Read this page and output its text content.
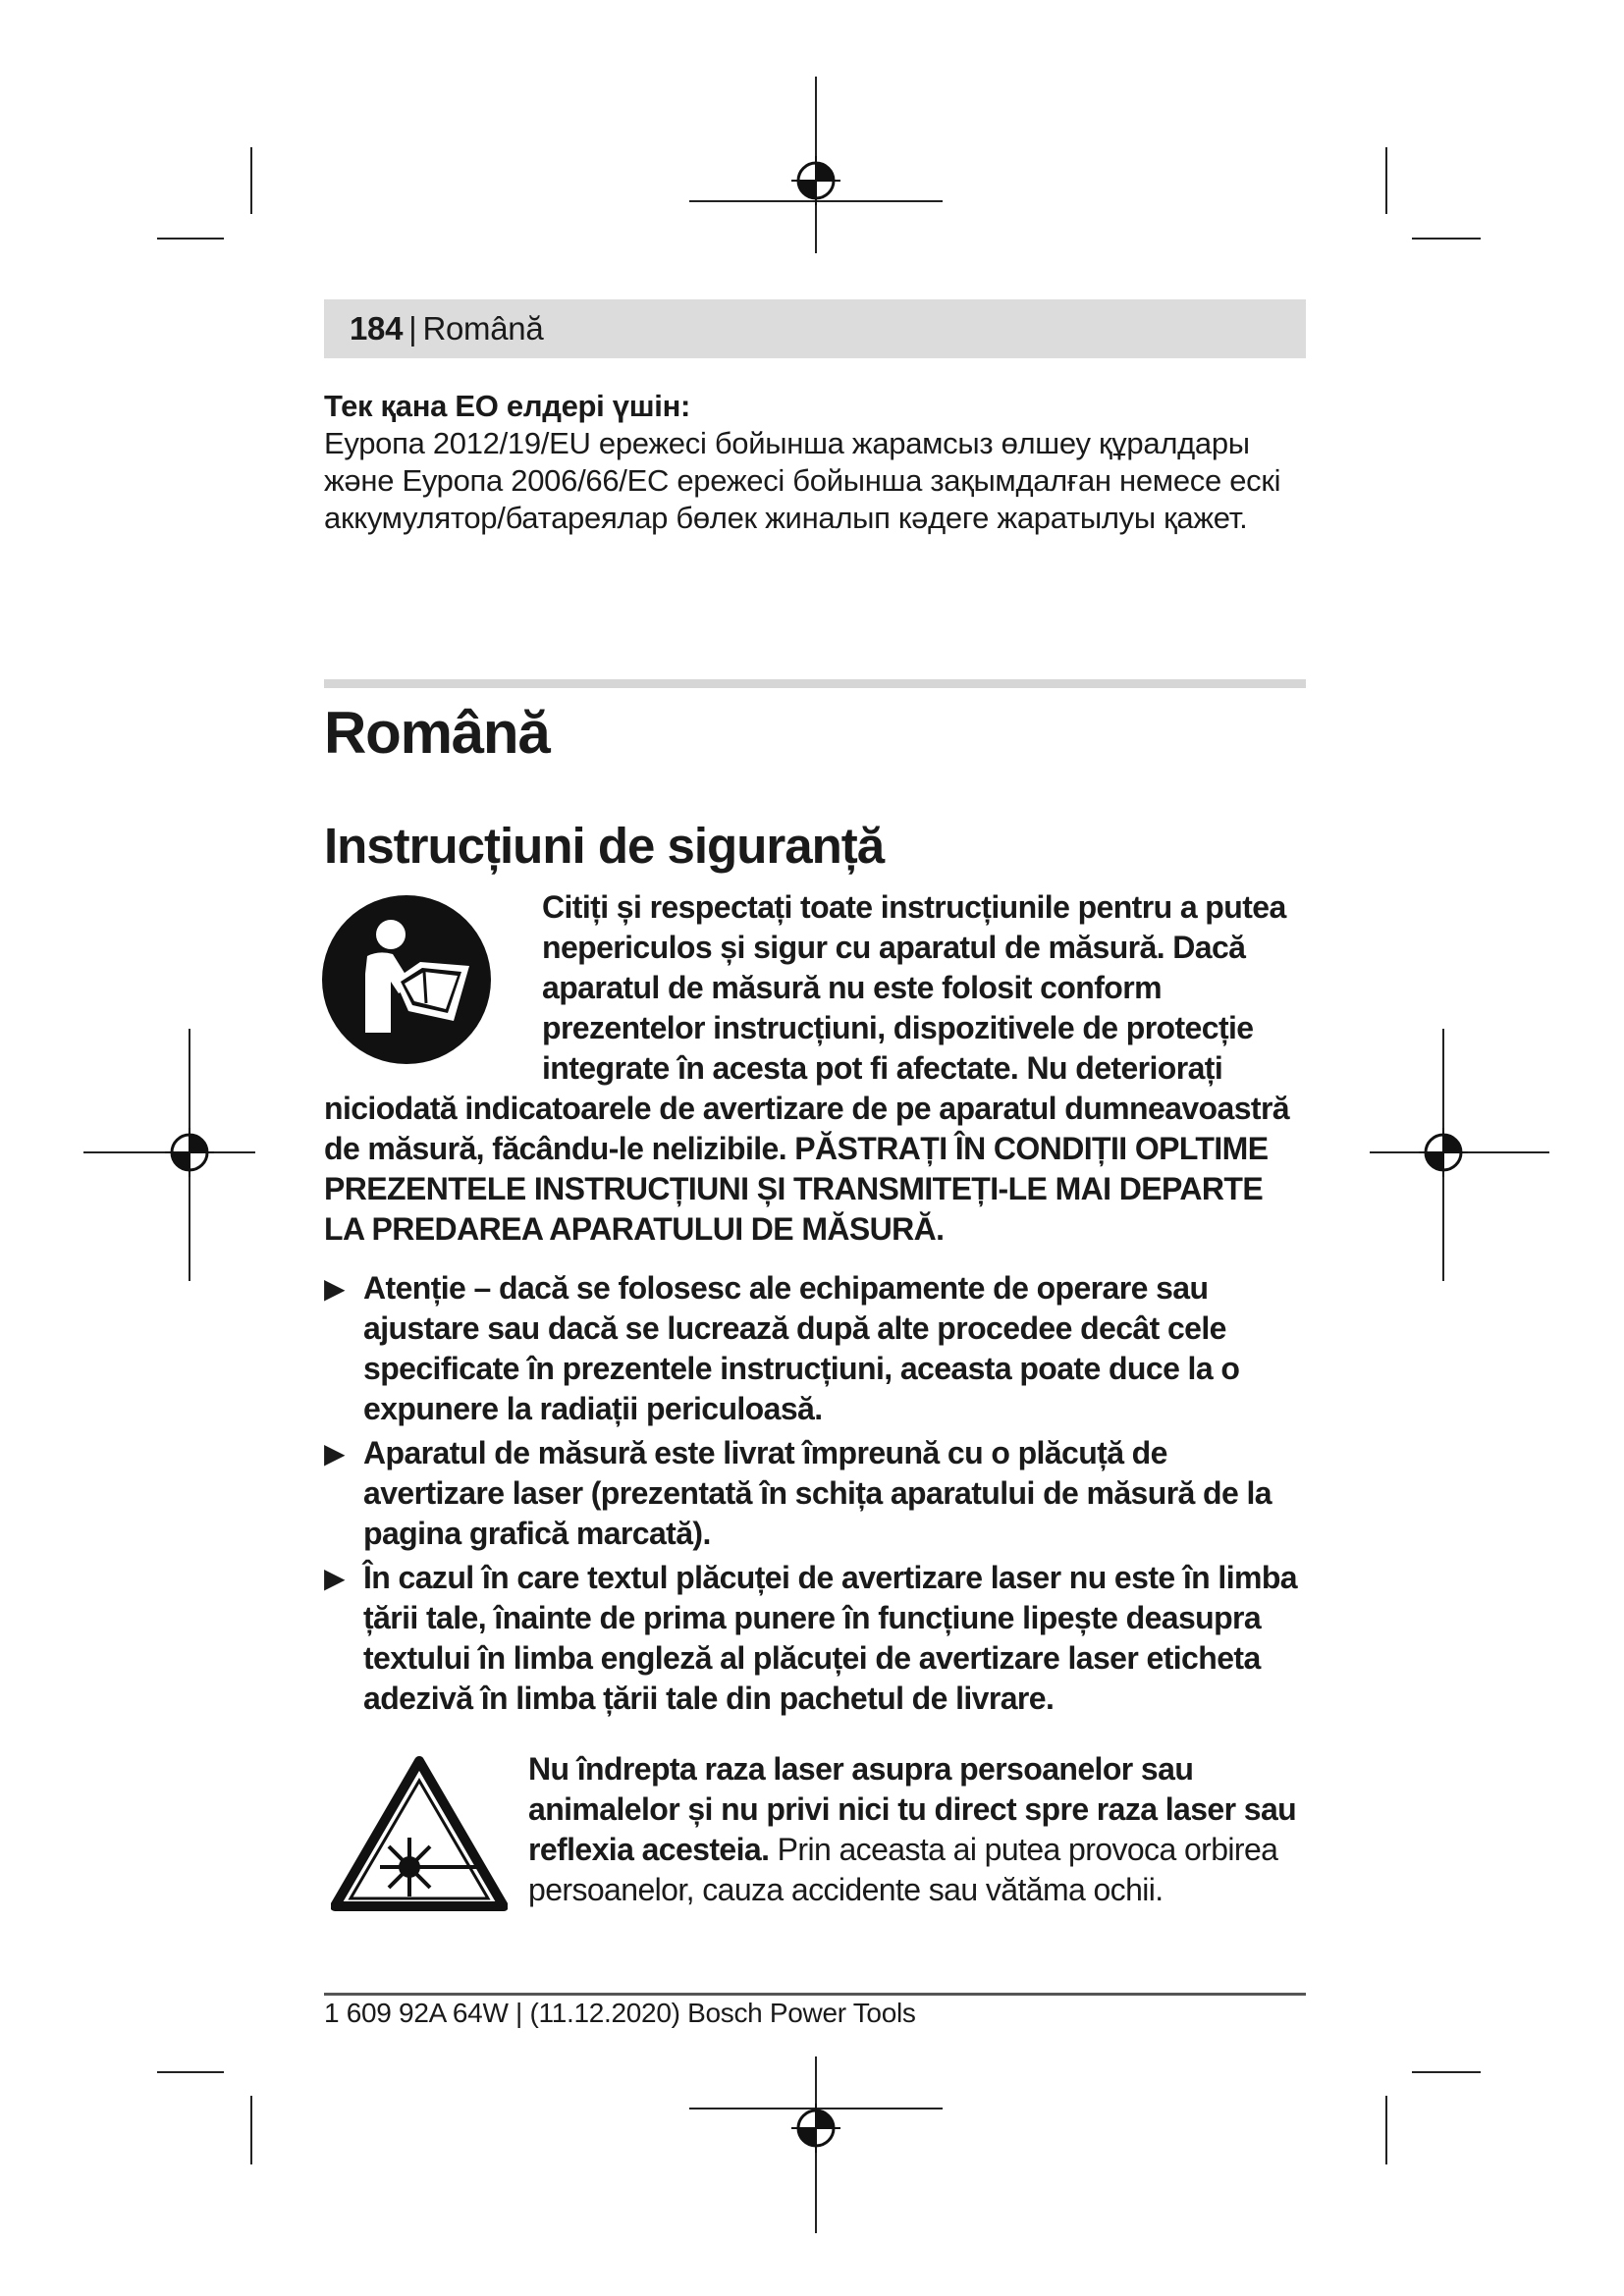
184 | Română
Тек қана ЕО елдері үшін:
Еуропа 2012/19/EU ережесі бойынша жарамсыз өлшеу құралдары және Еуропа 2006/66/EC ережесі бойынша зақымдалған немесе ескі аккумулятор/батареялар бөлек жиналып кәдеге жаратылуы қажет.
Română
Instrucțiuni de siguranță
Citiți și respectați toate instrucțiunile pentru a putea nepericulos și sigur cu aparatul de măsură. Dacă aparatul de măsură nu este folosit conform prezentelor instrucțiuni, dispozitivele de protecție integrate în acesta pot fi afectate. Nu deteriorați niciodată indicatoarele de avertizare de pe aparatul dumneavoastră de măsură, făcându-le nelizibile. PĂSTRAȚI ÎN CONDIȚII OPLTIME PREZENTELE INSTRUCȚIUNI ȘI TRANSMITEȚI-LE MAI DEPARTE LA PREDAREA APARATULUI DE MĂSURĂ.
▶ Atenție – dacă se folosesc ale echipamente de operare sau ajustare sau dacă se lucrează după alte procedee decât cele specificate în prezentele instrucțiuni, aceasta poate duce la o expunere la radiații periculoasă.
▶ Aparatul de măsură este livrat împreună cu o plăcuță de avertizare laser (prezentată în schița aparatului de măsură de la pagina grafică marcată).
▶ În cazul în care textul plăcuței de avertizare laser nu este în limba țării tale, înainte de prima punere în funcțiune lipește deasupra textului în limba engleză al plăcuței de avertizare laser eticheta adezivă în limba țării tale din pachetul de livrare.
Nu îndrepta raza laser asupra persoanelor sau animalelor și nu privi nici tu direct spre raza laser sau reflexia acesteia. Prin aceasta ai putea provoca orbirea persoanelor, cauza accidente sau vătăma ochii.
1 609 92A 64W | (11.12.2020) Bosch Power Tools
